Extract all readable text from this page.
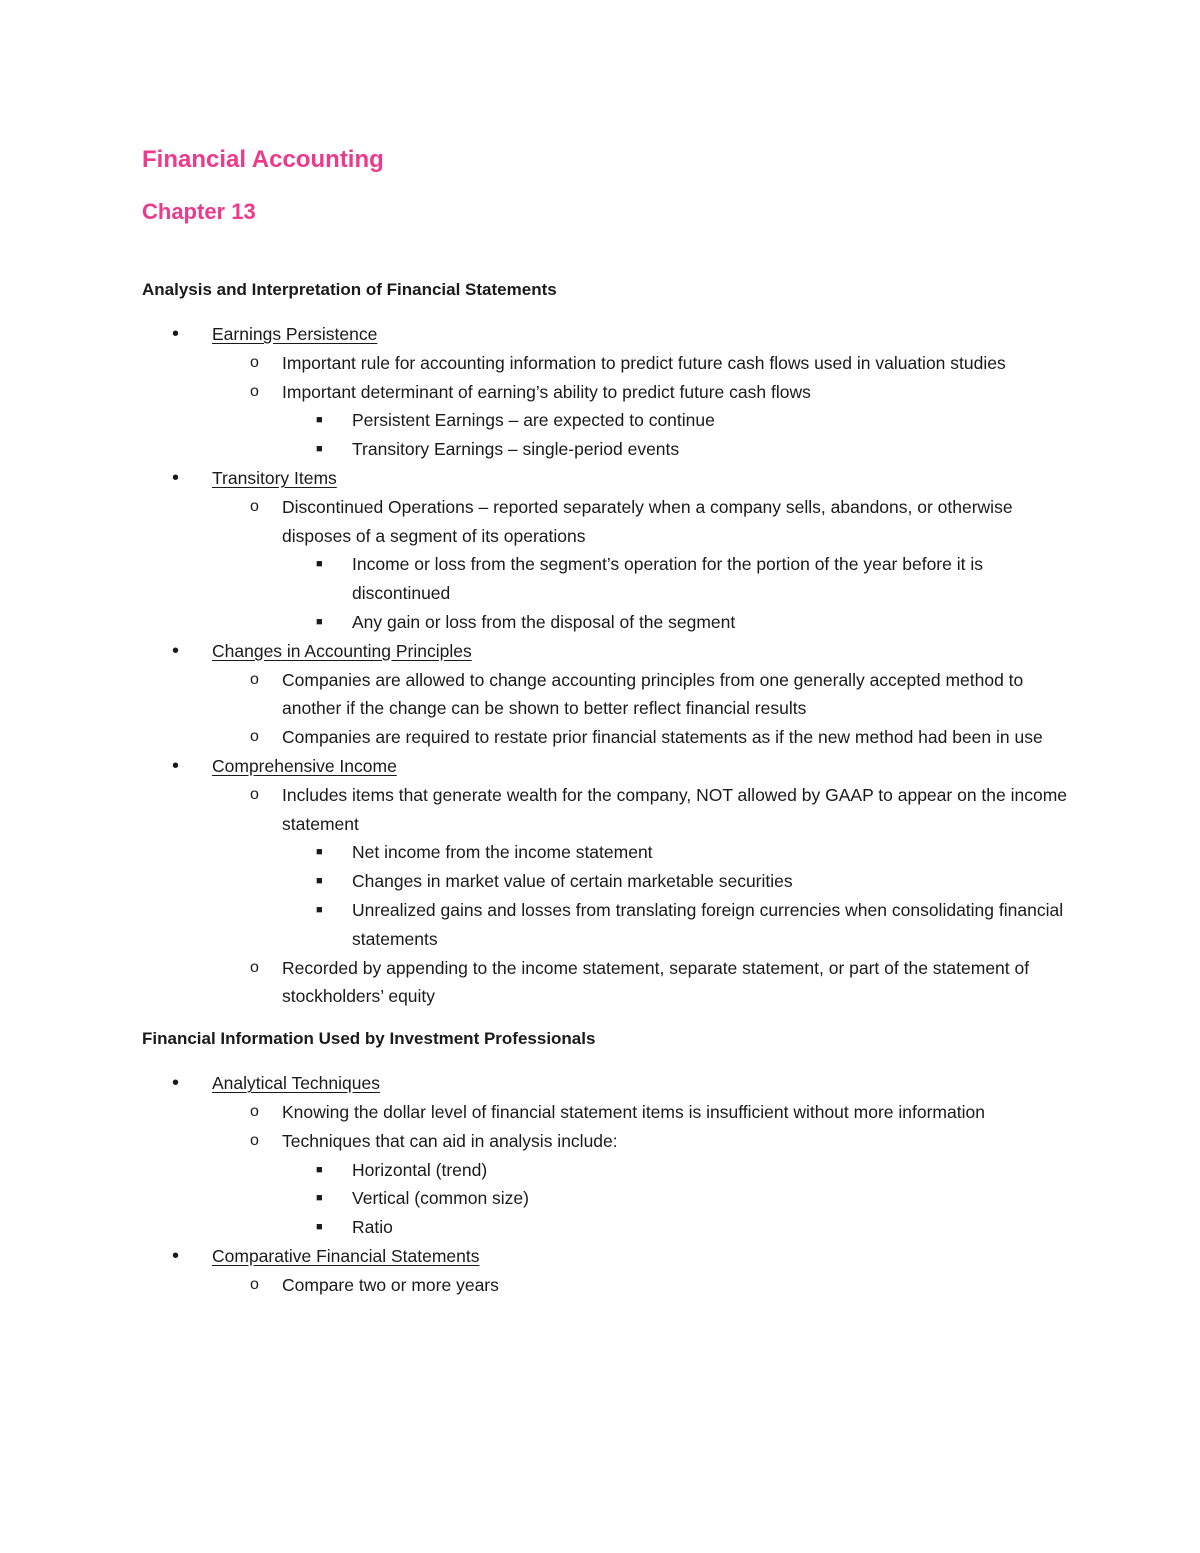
Financial Accounting
Chapter 13

Analysis and Interpretation of Financial Statements

• Earnings Persistence
o Important rule for accounting information to predict future cash flows used in valuation studies
o Important determinant of earning’s ability to predict future cash flows
■ Persistent Earnings – are expected to continue
■ Transitory Earnings – single-period events
• Transitory Items
o Discontinued Operations – reported separately when a company sells, abandons, or otherwise disposes of a segment of its operations
■ Income or loss from the segment’s operation for the portion of the year before it is discontinued
■ Any gain or loss from the disposal of the segment
• Changes in Accounting Principles
o Companies are allowed to change accounting principles from one generally accepted method to another if the change can be shown to better reflect financial results
o Companies are required to restate prior financial statements as if the new method had been in use
• Comprehensive Income
o Includes items that generate wealth for the company, NOT allowed by GAAP to appear on the income statement
■ Net income from the income statement
■ Changes in market value of certain marketable securities
■ Unrealized gains and losses from translating foreign currencies when consolidating financial statements
o Recorded by appending to the income statement, separate statement, or part of the statement of stockholders’ equity

Financial Information Used by Investment Professionals

• Analytical Techniques
o Knowing the dollar level of financial statement items is insufficient without more information
o Techniques that can aid in analysis include:
■ Horizontal (trend)
■ Vertical (common size)
■ Ratio
• Comparative Financial Statements
o Compare two or more years
